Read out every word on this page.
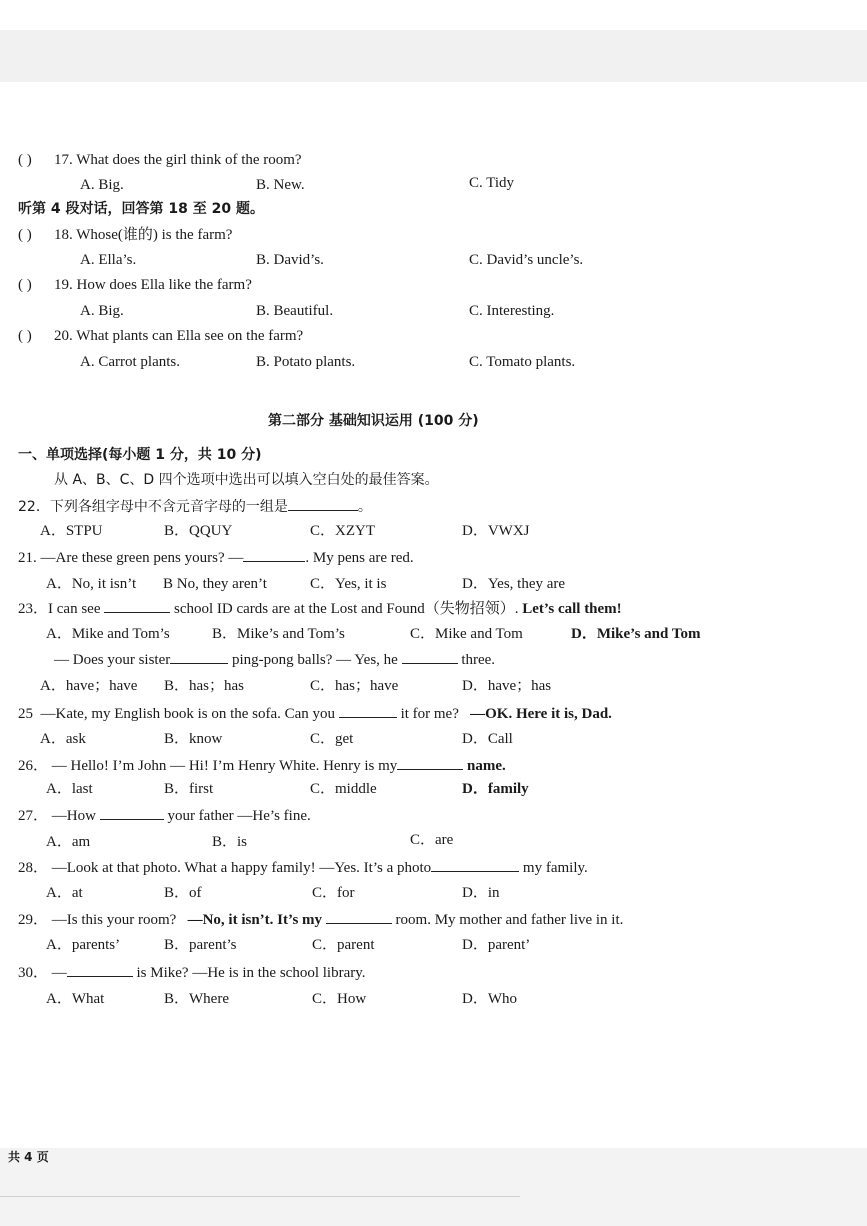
( ) 17. What does the girl think of the room?
A. Big.	B. New.	C. Tidy
听第 4 段对话，回答第 18 至 20 题。
( ) 18. Whose(谁的) is the farm?
A. Ella’s.	B. David’s.	C. David’s uncle’s.
( ) 19. How does Ella like the farm?
A. Big.	B. Beautiful.	C. Interesting.
( ) 20. What plants can Ella see on the farm?
A. Carrot plants.	B. Potato plants.	C. Tomato plants.
第二部分 基础知识运用 (100 分)
一、单项选择(每小题 1 分，共 10 分)
从 A、B、C、D 四个选项中选出可以填入空白处的最佳答案。
22．下列各组字母中不含元音字母的一组是	。
A．STPU	B．QQUY	C．XZYT	D．VWXJ
21. —Are these green pens yours? —	. My pens are red.
A．No, it isn’t B No, they aren’t	C．Yes, it is	D．Yes, they are
23．I can see	school ID cards are at the Lost and Found（失物招领）. Let’s call them!
A．Mike and Tom’s	B．Mike’s and Tom’s	C．Mike and Tom	D．Mike’s and Tom
— Does your sister	ping-pong balls? — Yes, he	three.
A．have；have B．has；has	C．has；have	D．have；has
25 —Kate, my English book is on the sofa. Can you	it for me? —OK. Here it is, Dad.
A．ask	B．know	C．get	D．Call
26． — Hello! I’m John — Hi! I’m Henry White. Henry is my	name.
A．last	B．first	C．middle	D．family
27． —How	your father —He’s fine.
A．am	B．is	C．are
28． —Look at that photo. What a happy family! —Yes. It’s a photo	my family.
A．at	B．of	C．for	D．in
29． —Is this your room? —No, it isn’t. It’s my	room. My mother and father live in it.
A．parents’	B．parent’s	C．parent	D．parent’
30． —	is Mike? —He is in the school library.
A．What	B．Where	C．How	D．Who
共 4 页
